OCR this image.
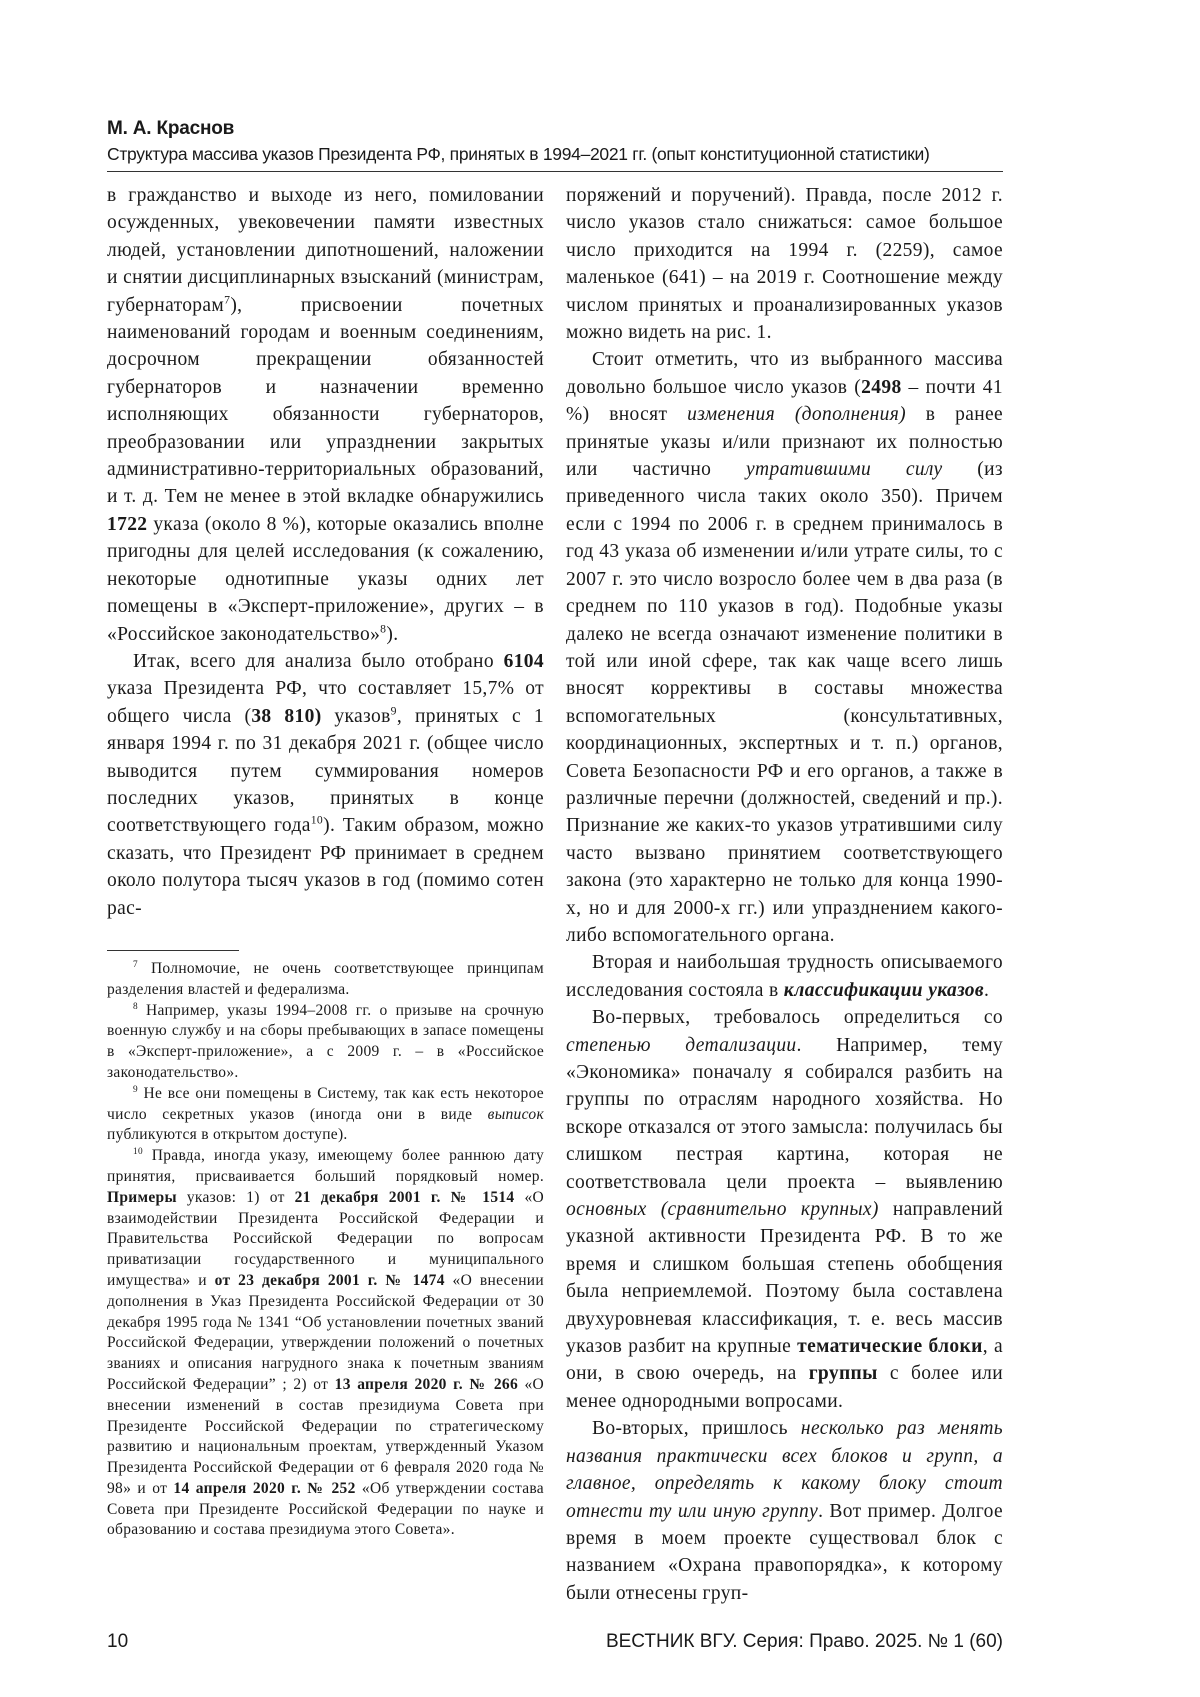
М. А. Краснов
Структура массива указов Президента РФ, принятых в 1994–2021 гг. (опыт конституционной статистики)

в гражданство и выходе из него, помиловании осужденных, увековечении памяти известных людей, установлении дипотношений, наложении и снятии дисциплинарных взысканий (министрам, губернаторам7), присвоении почетных наименований городам и военным соединениям, досрочном прекращении обязанностей губернаторов и назначении временно исполняющих обязанности губернаторов, преобразовании или упразднении закрытых административно-территориальных образований, и т. д. Тем не менее в этой вкладке обнаружились 1722 указа (около 8 %), которые оказались вполне пригодны для целей исследования (к сожалению, некоторые однотипные указы одних лет помещены в «Эксперт-приложение», других – в «Российское законодательство»8).

Итак, всего для анализа было отобрано 6104 указа Президента РФ, что составляет 15,7% от общего числа (38 810) указов9, принятых с 1 января 1994 г. по 31 декабря 2021 г. (общее число выводится путем суммирования номеров последних указов, принятых в конце соответствующего года10). Таким образом, можно сказать, что Президент РФ принимает в среднем около полутора тысяч указов в год (помимо сотен рас-

7 Полномочие, не очень соответствующее принципам разделения властей и федерализма.

8 Например, указы 1994–2008 гг. о призыве на срочную военную службу и на сборы пребывающих в запасе помещены в «Эксперт-приложение», а с 2009 г. – в «Российское законодательство».

9 Не все они помещены в Систему, так как есть некоторое число секретных указов (иногда они в виде выписок публикуются в открытом доступе).

10 Правда, иногда указу, имеющему более раннюю дату принятия, присваивается больший порядковый номер. Примеры указов: 1) от 21 декабря 2001 г. № 1514 «О взаимодействии Президента Российской Федерации и Правительства Российской Федерации по вопросам приватизации государственного и муниципального имущества» и от 23 декабря 2001 г. № 1474 «О внесении дополнения в Указ Президента Российской Федерации от 30 декабря 1995 года № 1341 “Об установлении почетных званий Российской Федерации, утверждении положений о почетных званиях и описания нагрудного знака к почетным званиям Российской Федерации” ; 2) от 13 апреля 2020 г. № 266 «О внесении изменений в состав президиума Совета при Президенте Российской Федерации по стратегическому развитию и национальным проектам, утвержденный Указом Президента Российской Федерации от 6 февраля 2020 года № 98» и от 14 апреля 2020 г. № 252 «Об утверждении состава Совета при Президенте Российской Федерации по науке и образованию и состава президиума этого Совета».

поряжений и поручений). Правда, после 2012 г. число указов стало снижаться: самое большое число приходится на 1994 г. (2259), самое маленькое (641) – на 2019 г. Соотношение между числом принятых и проанализированных указов можно видеть на рис. 1.

Стоит отметить, что из выбранного массива довольно большое число указов (2498 – почти 41 %) вносят изменения (дополнения) в ранее принятые указы и/или признают их полностью или частично утратившими силу (из приведенного числа таких около 350). Причем если с 1994 по 2006 г. в среднем принималось в год 43 указа об изменении и/или утрате силы, то с 2007 г. это число возросло более чем в два раза (в среднем по 110 указов в год). Подобные указы далеко не всегда означают изменение политики в той или иной сфере, так как чаще всего лишь вносят коррективы в составы множества вспомогательных (консультативных, координационных, экспертных и т. п.) органов, Совета Безопасности РФ и его органов, а также в различные перечни (должностей, сведений и пр.). Признание же каких-то указов утратившими силу часто вызвано принятием соответствующего закона (это характерно не только для конца 1990-х, но и для 2000-х гг.) или упразднением какого-либо вспомогательного органа.

Вторая и наибольшая трудность описываемого исследования состояла в классификации указов.

Во-первых, требовалось определиться со степенью детализации. Например, тему «Экономика» поначалу я собирался разбить на группы по отраслям народного хозяйства. Но вскоре отказался от этого замысла: получилась бы слишком пестрая картина, которая не соответствовала цели проекта – выявлению основных (сравнительно крупных) направлений указной активности Президента РФ. В то же время и слишком большая степень обобщения была неприемлемой. Поэтому была составлена двухуровневая классификация, т. е. весь массив указов разбит на крупные тематические блоки, а они, в свою очередь, на группы с более или менее однородными вопросами.

Во-вторых, пришлось несколько раз менять названия практически всех блоков и групп, а главное, определять к какому блоку стоит отнести ту или иную группу. Вот пример. Долгое время в моем проекте существовал блок с названием «Охрана правопорядка», к которому были отнесены груп-

10	ВЕСТНИК ВГУ. Серия: Право. 2025. № 1 (60)
